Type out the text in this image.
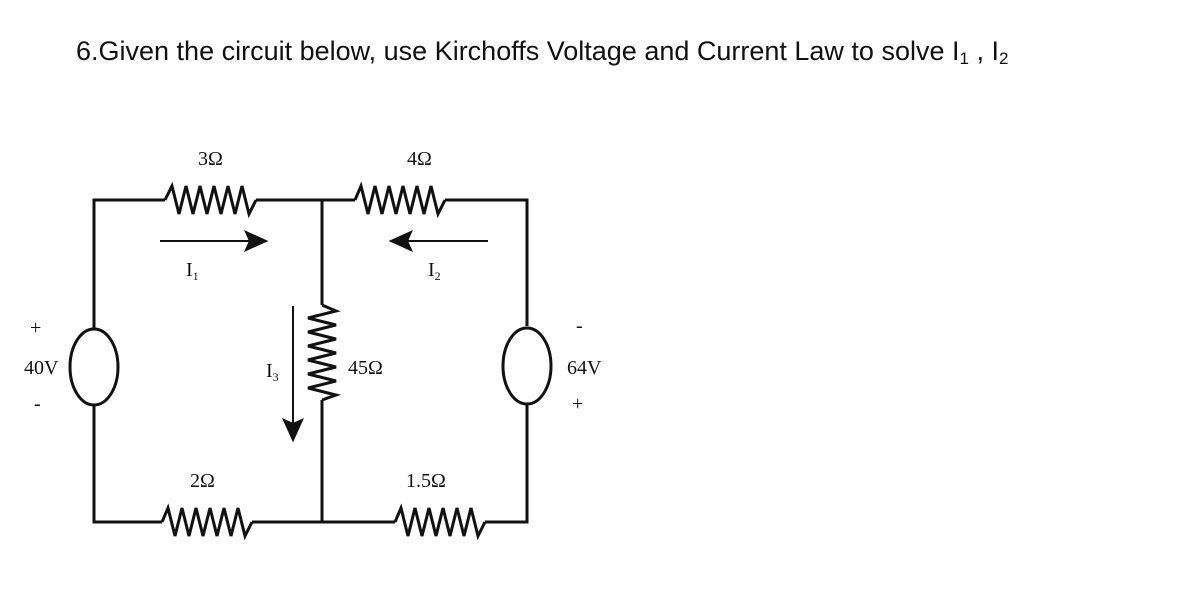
6.Given the circuit below, use Kirchoffs Voltage and Current Law to solve $I_1$ , $I_2$
3Ω	4Ω
45Ω
2Ω	1.5Ω
+
40V
-
-
64V
+
$I_1$	$I_2$
$I_3$
